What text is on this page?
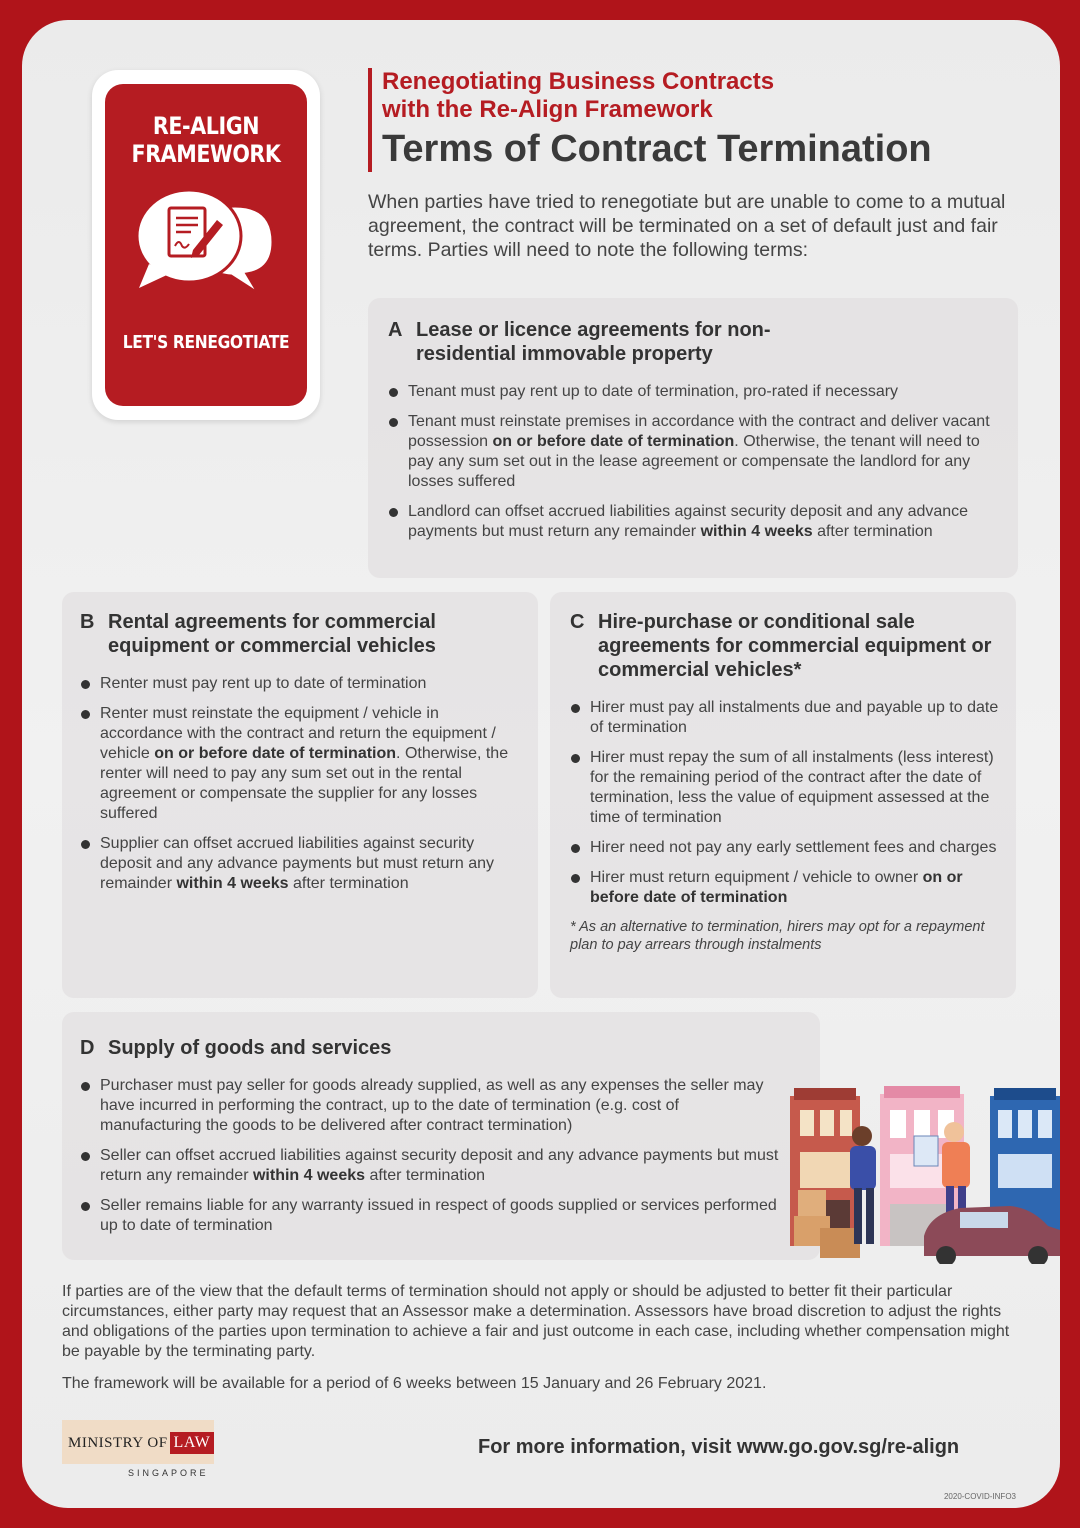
RE-ALIGN
FRAMEWORK
LET'S RENEGOTIATE
Renegotiating Business Contracts
with the Re-Align Framework
Terms of Contract Termination
When parties have tried to renegotiate but are unable to come to a mutual agreement, the contract will be terminated on a set of default just and fair terms. Parties will need to note the following terms:
A Lease or licence agreements for non-residential immovable property
Tenant must pay rent up to date of termination, pro-rated if necessary
Tenant must reinstate premises in accordance with the contract and deliver vacant possession on or before date of termination. Otherwise, the tenant will need to pay any sum set out in the lease agreement or compensate the landlord for any losses suffered
Landlord can offset accrued liabilities against security deposit and any advance payments but must return any remainder within 4 weeks after termination
B Rental agreements for commercial equipment or commercial vehicles
Renter must pay rent up to date of termination
Renter must reinstate the equipment / vehicle in accordance with the contract and return the equipment / vehicle on or before date of termination. Otherwise, the renter will need to pay any sum set out in the rental agreement or compensate the supplier for any losses suffered
Supplier can offset accrued liabilities against security deposit and any advance payments but must return any remainder within 4 weeks after termination
C Hire-purchase or conditional sale agreements for commercial equipment or commercial vehicles*
Hirer must pay all instalments due and payable up to date of termination
Hirer must repay the sum of all instalments (less interest) for the remaining period of the contract after the date of termination, less the value of equipment assessed at the time of termination
Hirer need not pay any early settlement fees and charges
Hirer must return equipment / vehicle to owner on or before date of termination
* As an alternative to termination, hirers may opt for a repayment plan to pay arrears through instalments
D Supply of goods and services
Purchaser must pay seller for goods already supplied, as well as any expenses the seller may have incurred in performing the contract, up to the date of termination (e.g. cost of manufacturing the goods to be delivered after contract termination)
Seller can offset accrued liabilities against security deposit and any advance payments but must return any remainder within 4 weeks after termination
Seller remains liable for any warranty issued in respect of goods supplied or services performed up to date of termination

If parties are of the view that the default terms of termination should not apply or should be adjusted to better fit their particular circumstances, either party may request that an Assessor make a determination. Assessors have broad discretion to adjust the rights and obligations of the parties upon termination to achieve a fair and just outcome in each case, including whether compensation might be payable by the terminating party.

The framework will be available for a period of 6 weeks between 15 January and 26 February 2021.

MINISTRY OF LAW
SINGAPORE
For more information, visit www.go.gov.sg/re-align
2020-COVID-INFO3
